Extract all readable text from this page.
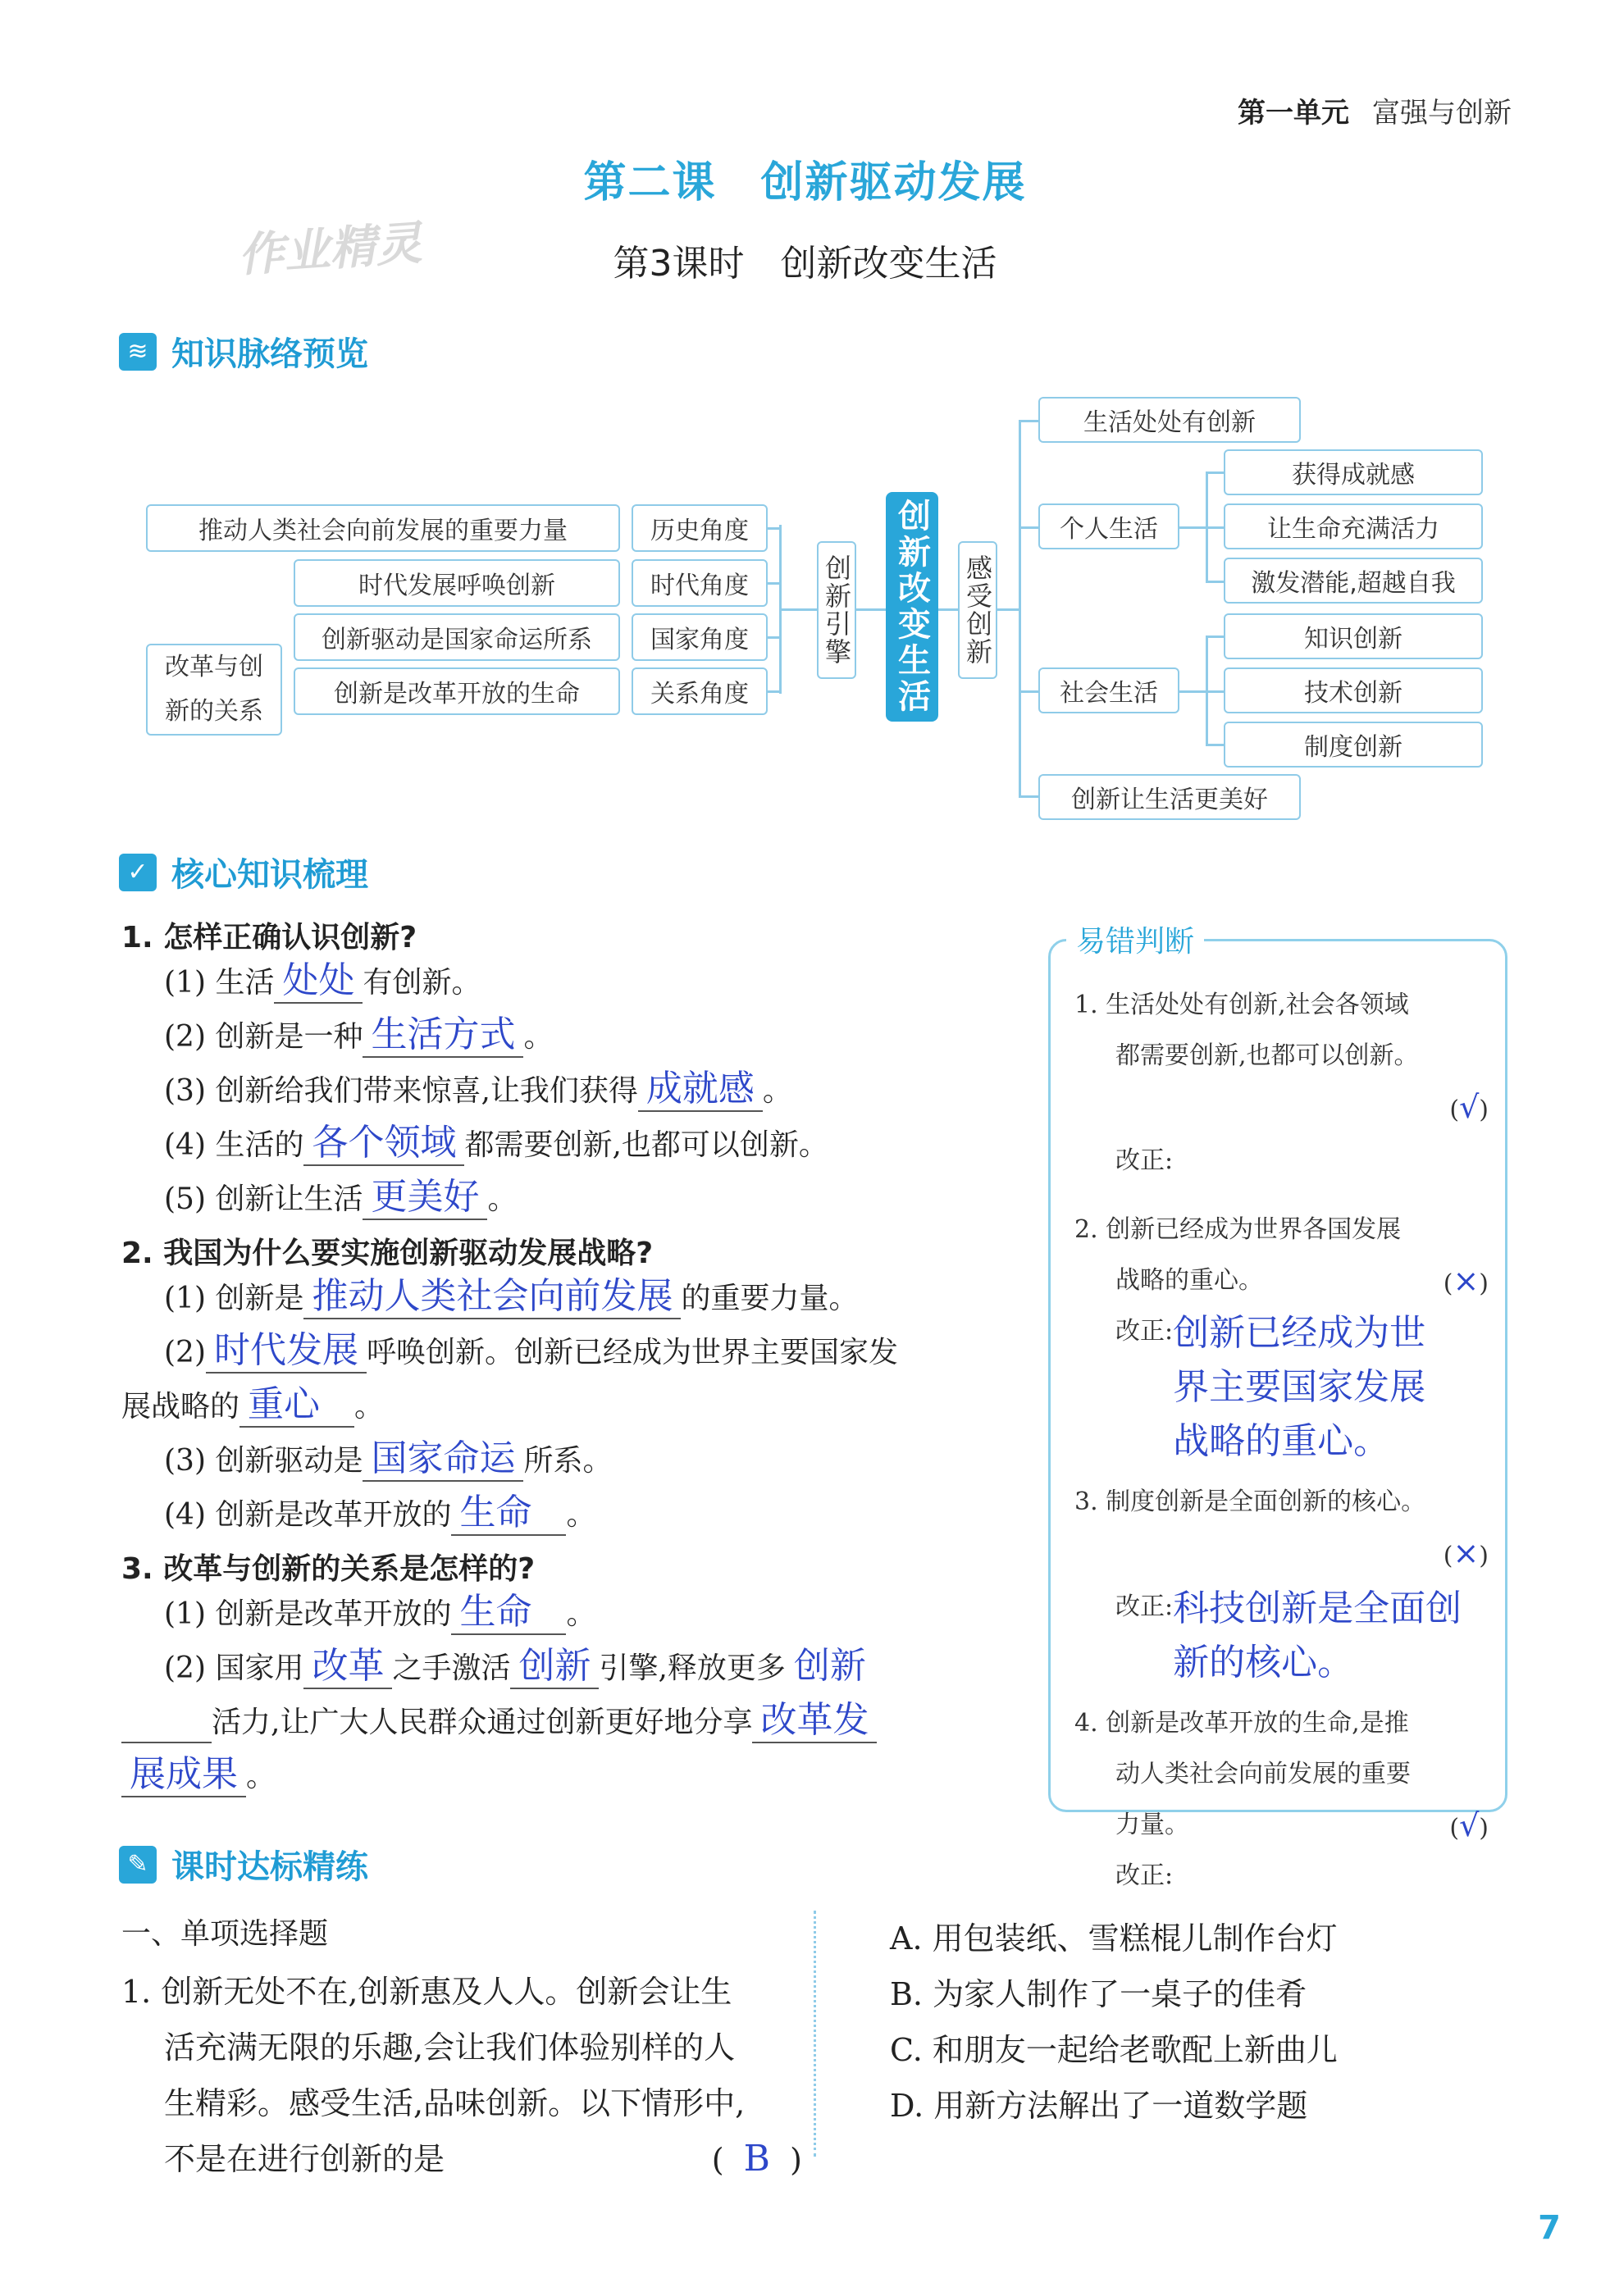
第一单元 富强与创新
第二课　创新驱动发展
作业精灵	第3课时　创新改变生活
≋ 知识脉络预览
推动人类社会向前发展的重要力量
时代发展呼唤创新
创新驱动是国家命运所系
创新是改革开放的生命
改革与创新的关系
历史角度
时代角度
国家角度
关系角度
创新引擎 创新改变生活 感受创新
生活处处有创新
个人生活
社会生活
创新让生活更美好
获得成就感
让生命充满活力
激发潜能,超越自我
知识创新
技术创新
制度创新
✓ 核心知识梳理
1. 怎样正确认识创新?
(1) 生活 处处 有创新。
(2) 创新是一种 生活方式 。
(3) 创新给我们带来惊喜,让我们获得 成就感 。
(4) 生活的 各个领域 都需要创新,也都可以创新。
(5) 创新让生活 更美好 。
2. 我国为什么要实施创新驱动发展战略?
(1) 创新是 推动人类社会向前发展 的重要力量。
(2) 时代发展 呼唤创新。创新已经成为世界主要国家发
展战略的 重心 。
(3) 创新驱动是 国家命运 所系。
(4) 创新是改革开放的 生命 。
3. 改革与创新的关系是怎样的?
(1) 创新是改革开放的 生命 。
(2) 国家用 改革 之手激活 创新 引擎,释放更多 创新
活力,让广大人民群众通过创新更好地分享 改革发
展成果 。
易错判断
1. 生活处处有创新,社会各领域
都需要创新,也都可以创新。
(√)
改正:
2. 创新已经成为世界各国发展
战略的重心。	(×)
改正: 创新已经成为世界主要国家发展战略的重心。
3. 制度创新是全面创新的核心。
(×)
改正: 科技创新是全面创新的核心。
4. 创新是改革开放的生命,是推
动人类社会向前发展的重要
力量。	(√)
改正:
✎ 课时达标精练
一、单项选择题
1. 创新无处不在,创新惠及人人。创新会让生
活充满无限的乐趣,会让我们体验别样的人
生精彩。感受生活,品味创新。以下情形中,
不是在进行创新的是	(  B  )
A. 用包装纸、雪糕棍儿制作台灯
B. 为家人制作了一桌子的佳肴
C. 和朋友一起给老歌配上新曲儿
D. 用新方法解出了一道数学题
7
